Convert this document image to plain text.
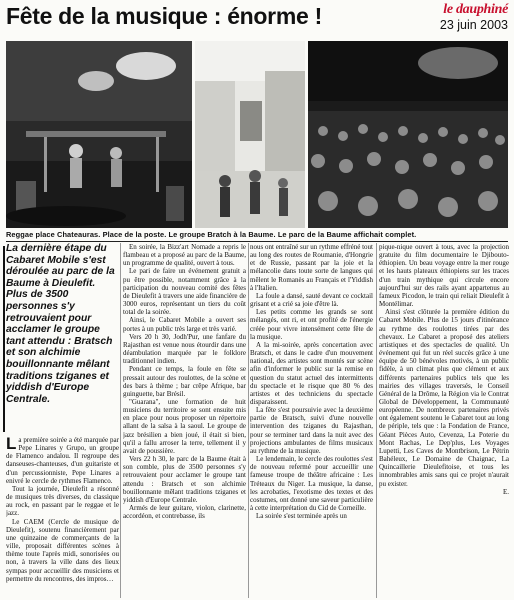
Fête de la musique : énorme !	le dauphiné
23 juin 2003
Reggae place Chateauras. Place de la poste. Le groupe Bratch à la Baume. Le parc de la Baume affichait complet.
La dernière étape du Cabaret Mobile s'est déroulée au parc de la Baume à Dieulefit. Plus de 3500 personnes s'y retrouvaient pour acclamer le groupe tant attendu : Bratsch et son alchimie bouillonnante mêlant traditions tziganes et yiddish d'Europe Centrale.

La première soirée a été marquée par Pepe Linares y Grupo, un groupe de Flamenco andalou. Il regroupe des danseuses-chanteuses, d'un guitariste et d'un percussionniste, Pepe Linares a enivré le cercle de rythmes Flamenco.

Tout la journée, Dieulefit a résonné de musiques très diverses, du classique au rock, en passant par le reggae et le jazz.

Le CAEM (Cercle de musique de Dieulefit), soutenu financièrement par une quinzaine de commerçants de la ville, proposait différentes scènes à thème toute l'après midi, sonorisées ou non, à travers la ville dans des lieux sympas pour accueillir des musiciens et permettre du rencontres, des impros…

En soirée, la Bizz'art Nomade a repris le flambeau et a proposé au parc de la Baume, un programme de qualité, ouvert à tous.

Le pari de faire un événement gratuit a pu être possible, notamment grâce à la participation du nouveau comité des fêtes de Dieulefit à travers une aide financière de 3000 euros, représentant un tiers du coût total de la soirée.

Ainsi, le Cabaret Mobile a ouvert ses portes à un public très large et très varié.

Vers 20 h 30, Jodh'Pur, une fanfare du Rajasthan est venue nous étourdir dans une déambulation marquée par le folklore traditionnel indien.

Pendant ce temps, la foule en fête se pressait autour des roulottes, de la scène et des bars à thème ; bar crêpe Afrique, bar guinguette, bar Brésil.

"Guarana", une formation de huit musiciens du territoire se sont ensuite mis en place pour nous proposer un répertoire allant de la salsa à la saoul. Le groupe de jazz brésilien a bien joué, il était si bien, qu'il a fallu arroser la terre, tellement il y avait de poussière.

Vers 22 h 30, le parc de la Baume était à son comble, plus de 3500 personnes s'y retrouvaient pour acclamer le groupe tant attendu : Bratsch et son alchimie bouillonnante mêlant traditions tziganes et yiddish d'Europe Centrale.

Armés de leur guitare, violon, clarinette, accordéon, et contrebasse, ils

nous ont entraîné sur un rythme effréné tout au long des routes de Roumanie, d'Hongrie et de Russie, passant par la joie et la mélancolie dans toute sorte de langues qui mêlent le Romanès au Français et l'Yiddish à l'Italien.

La foule a dansé, sauté devant ce cocktail grisant et a crié sa joie d'être là.

Les petits comme les grands se sont mélangés, ont ri, et ont profité de l'énergie créée pour vivre intensément cette fête de la musique.

A la mi-soirée, après concertation avec Bratsch, et dans le cadre d'un mouvement national, des artistes sont montés sur scène afin d'informer le public sur la remise en question du statut actuel des intermittents du spectacle et le risque que 80 % des artistes et des techniciens du spectacle disparaissent.

La fête s'est poursuivie avec la deuxième partie de Bratsch, suivi d'une nouvelle intervention des tziganes du Rajasthan, pour se terminer tard dans la nuit avec des projections ambulantes de films musicaux au rythme de la musique.

Le lendemain, le cercle des roulottes s'est de nouveau refermé pour accueillir une fameuse troupe de théâtre africaine : Les Tréteaux du Niger. La musique, la danse, les acrobaties, l'exotisme des textes et des costumes, ont donné une saveur particulière à cette interprétation du Cid de Corneille.

La soirée s'est terminée après un

pique-nique ouvert à tous, avec la projection gratuite du film documentaire le Djibouto-éthiopien. Un beau voyage entre la mer rouge et les hauts plateaux éthiopiens sur les traces d'un train mythique qui circule encore aujourd'hui sur des rails ayant appartenus au fameux Picodon, le train qui reliait Dieulefit à Montélimar.

Ainsi s'est clôturée la première édition du Cabaret Mobile. Plus de 15 jours d'itinérance au rythme des roulottes tirées par des chevaux. Le Cabaret a proposé des ateliers artistiques et des spectacles de qualité. Un événement qui fut un réel succès grâce à une équipe de 50 bénévoles motivés, à un public fidèle, à un climat plus que clément et aux différents partenaires publics tels que les mairies des villages traversés, le Conseil Général de la Drôme, la Région via le Contrat Global de Développement, la Communauté européenne. De nombreux partenaires privés ont également soutenu le Cabaret tout au long de périple, tels que : la Fondation de France, Géant Pièces Auto, Cevenza, La Poterie du Mont Rachas, Le Dep'plus, Les Voyages Lupetti, Les Caves de Montbrison, Le Pétrin Bahéleux, Le Domaine de Chaignac, La Quincaillerie Dieulefitoise, et tous les innombrables amis sans qui ce projet n'aurait pu exister.

E.
